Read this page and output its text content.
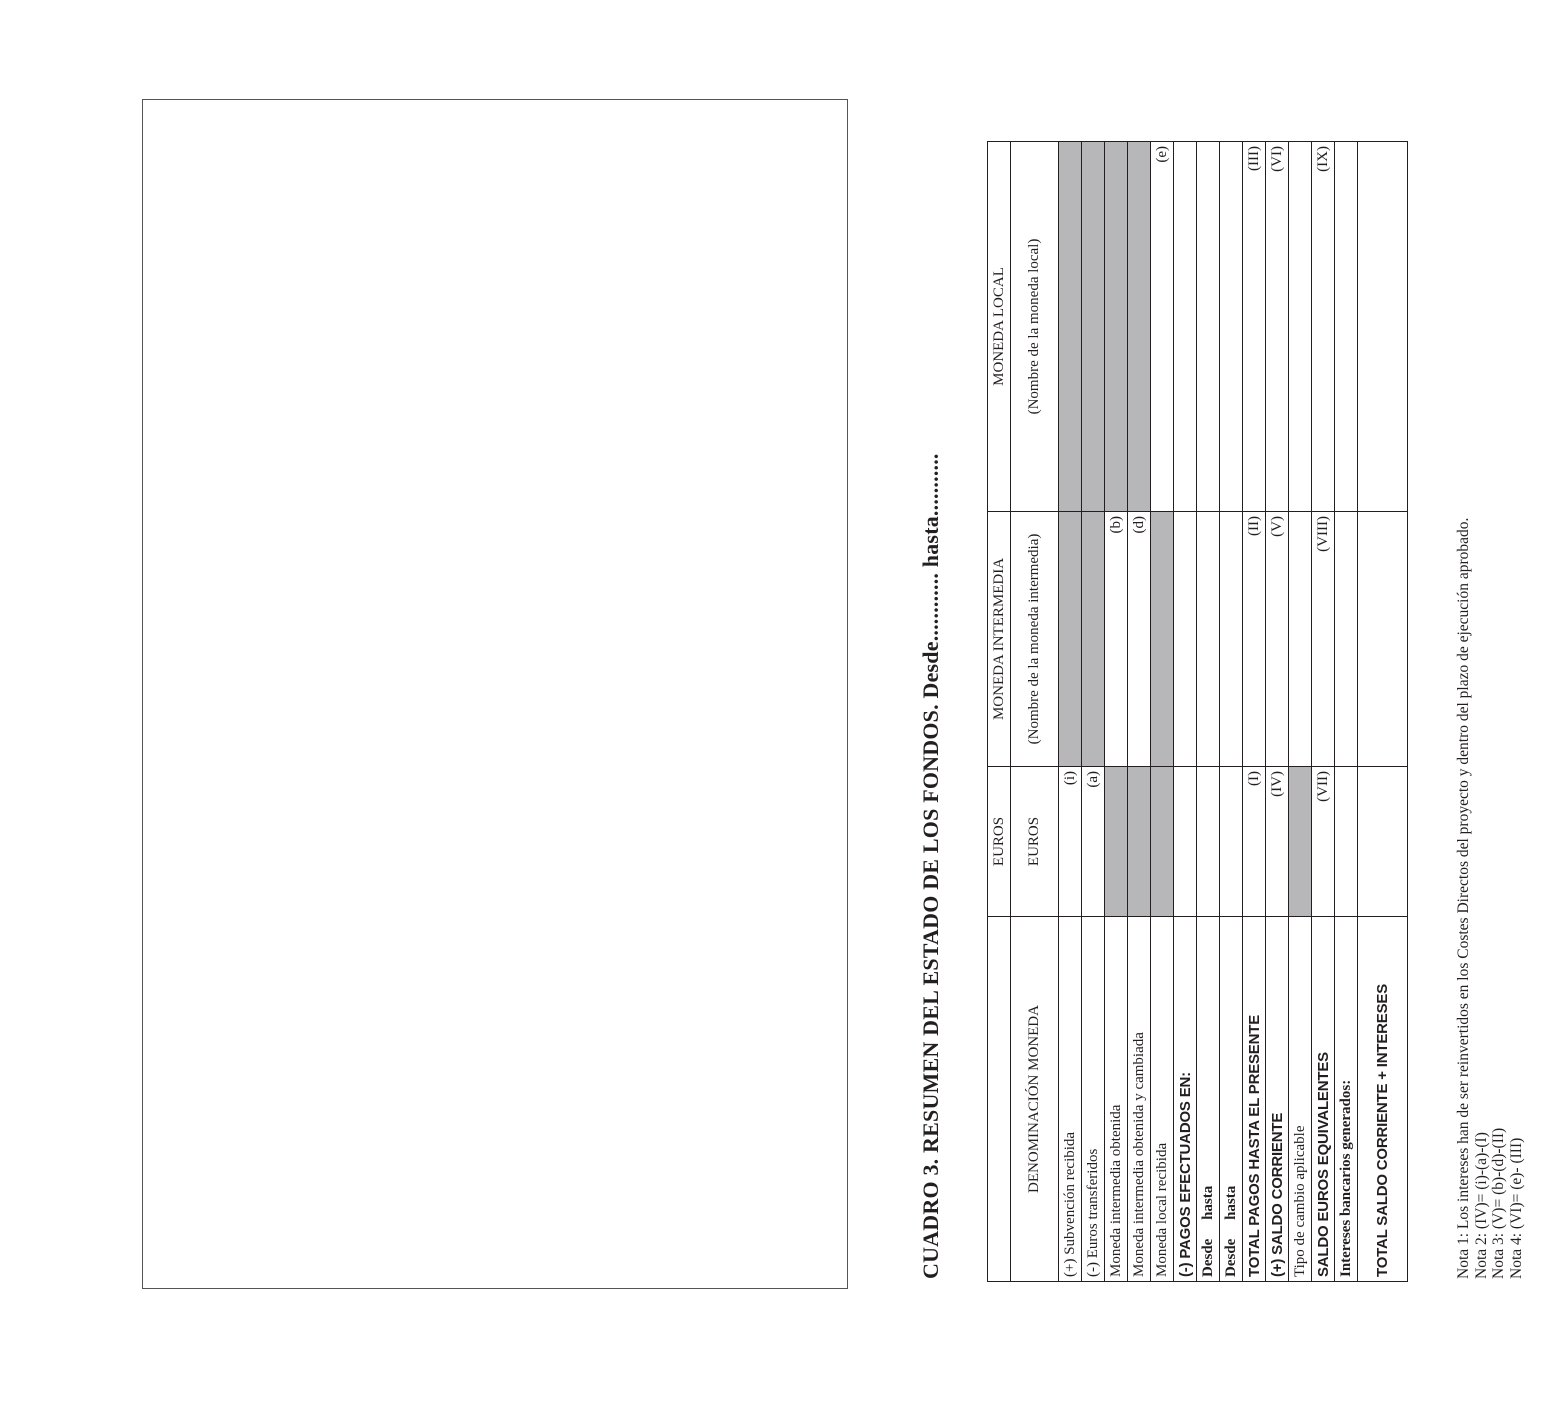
CUADRO 3. RESUMEN DEL ESTADO DE LOS FONDOS. Desde............ hasta...........
		EUROS	MONEDA INTERMEDIA	MONEDA LOCAL
DENOMINACIÓN MONEDA	EUROS	(Nombre de la moneda intermedia)	(Nombre de la moneda local)
(+) Subvención recibida	(i)		
(-) Euros transferidos	(a)		
Moneda intermedia obtenida		(b)	
Moneda intermedia obtenida y cambiada		(d)	
Moneda local recibida			(e)
(-) PAGOS EFECTUADOS EN:			
Desde     hasta			
Desde     hasta			
TOTAL PAGOS HASTA EL PRESENTE	(I)	(II)	(III)
(+) SALDO CORRIENTE	(IV)	(V)	(VI)
Tipo de cambio aplicable			
SALDO EUROS EQUIVALENTES	(VII)	(VIII)	(IX)
Intereses bancarios generados:			
TOTAL SALDO CORRIENTE + INTERESES				Nota 1: Los intereses han de ser reinvertidos en los Costes Directos del proyecto y dentro del plazo de ejecución aprobado. Nota 2: (IV)= (i)-(a)-(I) Nota 3: (V)= (b)-(d)-(II) Nota 4: (VI)= (e)- (III)
